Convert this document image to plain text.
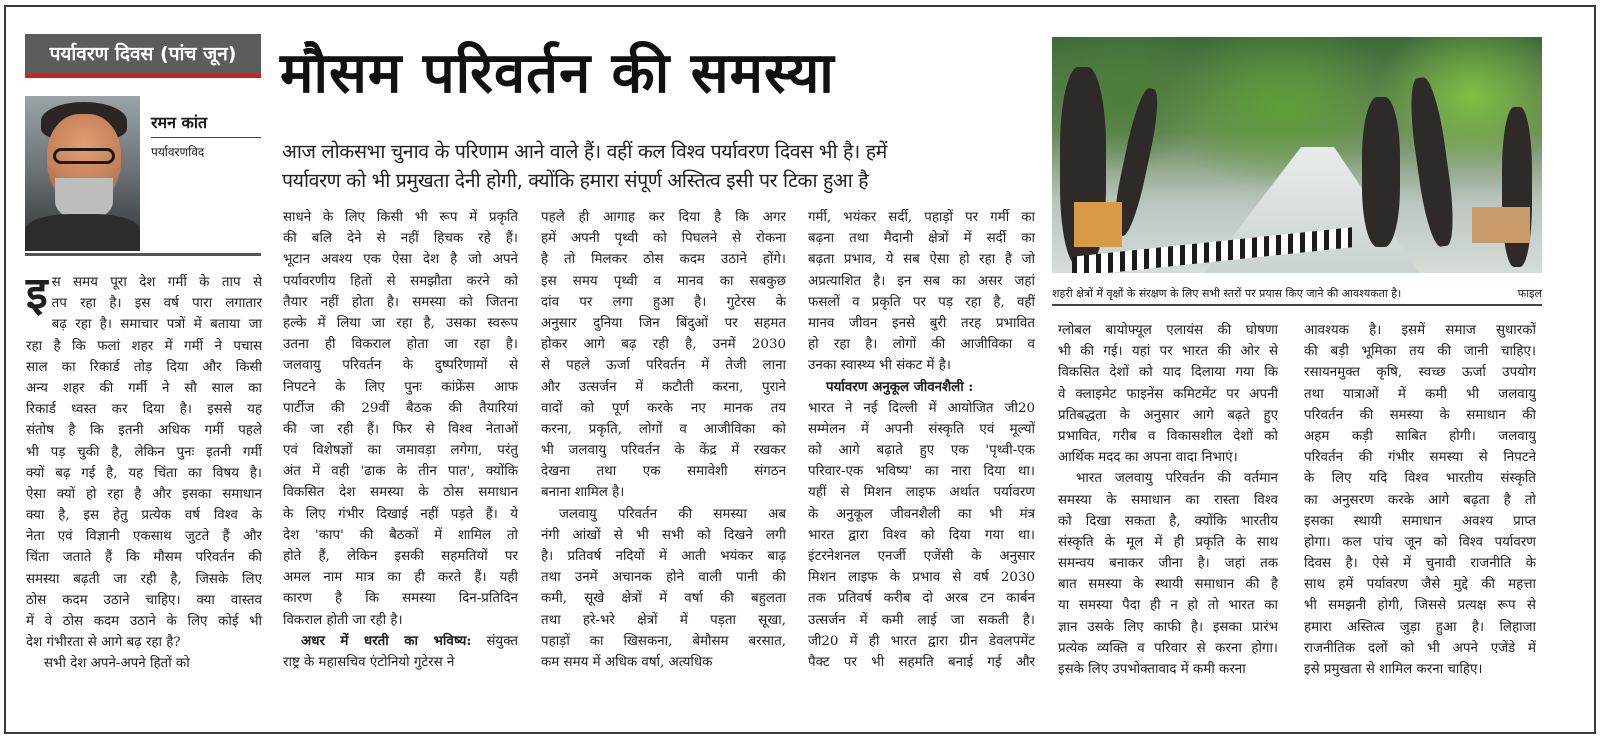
पर्यावरण दिवस (पांच जून)
रमन कांत
पर्यावरणविद
मौसम परिवर्तन की समस्या
आज लोकसभा चुनाव के परिणाम आने वाले हैं। वहीं कल विश्व पर्यावरण दिवस भी है। हमें
पर्यावरण को भी प्रमुखता देनी होगी, क्योंकि हमारा संपूर्ण अस्तित्व इसी पर टिका हुआ है
शहरी क्षेत्रों में वृक्षों के संरक्षण के लिए सभी स्तरों पर प्रयास किए जाने की आवश्यकता है।	फाइल
इ स समय पूरा देश गर्मी के ताप से
तप रहा है। इस वर्ष पारा लगातार
बढ़ रहा है। समाचार पत्रों में बताया जा
रहा है कि फलां शहर में गर्मी ने पचास
साल का रिकार्ड तोड़ दिया और किसी
अन्य शहर की गर्मी ने सौ साल का
रिकार्ड ध्वस्त कर दिया है। इससे यह
संतोष है कि इतनी अधिक गर्मी पहले
भी पड़ चुकी है, लेकिन पुनः इतनी गर्मी
क्यों बढ़ गई है, यह चिंता का विषय है।
ऐसा क्यों हो रहा है और इसका समाधान
क्या है, इस हेतु प्रत्येक वर्ष विश्व के
नेता एवं विज्ञानी एकसाथ जुटते हैं और
चिंता जताते हैं कि मौसम परिवर्तन की
समस्या बढ़ती जा रही है, जिसके लिए
ठोस कदम उठाने चाहिए। क्या वास्तव
में वे ठोस कदम उठाने के लिए कोई भी
देश गंभीरता से आगे बढ़ रहा है?
सभी देश अपने-अपने हितों को
साधने के लिए किसी भी रूप में प्रकृति
की बलि देने से नहीं हिचक रहे हैं।
भूटान अवश्य एक ऐसा देश है जो अपने
पर्यावरणीय हितों से समझौता करने को
तैयार नहीं होता है। समस्या को जितना
हल्के में लिया जा रहा है, उसका स्वरूप
उतना ही विकराल होता जा रहा है।
जलवायु परिवर्तन के दुष्परिणामों से
निपटने के लिए पुनः कांफ्रेंस आफ
पार्टीज की 29वीं बैठक की तैयारियां
की जा रही हैं। फिर से विश्व नेताओं
एवं विशेषज्ञों का जमावड़ा लगेगा, परंतु
अंत में वही 'ढाक के तीन पात', क्योंकि
विकसित देश समस्या के ठोस समाधान
के लिए गंभीर दिखाई नहीं पड़ते हैं। ये
देश 'काप' की बैठकों में शामिल तो
होते हैं, लेकिन इसकी सहमतियों पर
अमल नाम मात्र का ही करते हैं। यही
कारण है कि समस्या दिन-प्रतिदिन
विकराल होती जा रही है।
अधर में धरती का भविष्य: संयुक्त
राष्ट्र के महासचिव एंटोनियो गुटेरस ने
पहले ही आगाह कर दिया है कि अगर
हमें अपनी पृथ्वी को पिघलने से रोकना
है तो मिलकर ठोस कदम उठाने होंगे।
इस समय पृथ्वी व मानव का सबकुछ
दांव पर लगा हुआ है। गुटेरस के
अनुसार दुनिया जिन बिंदुओं पर सहमत
होकर आगे बढ़ रही है, उनमें 2030
से पहले ऊर्जा परिवर्तन में तेजी लाना
और उत्सर्जन में कटौती करना, पुराने
वादों को पूर्ण करके नए मानक तय
करना, प्रकृति, लोगों व आजीविका को
भी जलवायु परिवर्तन के केंद्र में रखकर
देखना तथा एक समावेशी संगठन
बनाना शामिल है।
जलवायु परिवर्तन की समस्या अब
नंगी आंखों से भी सभी को दिखने लगी
है। प्रतिवर्ष नदियों में आती भयंकर बाढ़
तथा उनमें अचानक होने वाली पानी की
कमी, सूखे क्षेत्रों में वर्षा की बहुलता
तथा हरे-भरे क्षेत्रों में पड़ता सूखा,
पहाड़ों का खिसकना, बेमौसम बरसात,
कम समय में अधिक वर्षा, अत्यधिक
गर्मी, भयंकर सर्दी, पहाड़ों पर गर्मी का
बढ़ना तथा मैदानी क्षेत्रों में सर्दी का
बढ़ता प्रभाव, ये सब ऐसा हो रहा है जो
अप्रत्याशित है। इन सब का असर जहां
फसलों व प्रकृति पर पड़ रहा है, वहीं
मानव जीवन इनसे बुरी तरह प्रभावित
हो रहा है। लोगों की आजीविका व
उनका स्वास्थ्य भी संकट में है।
पर्यावरण अनुकूल जीवनशैली :
भारत ने नई दिल्ली में आयोजित जी20
सम्मेलन में अपनी संस्कृति एवं मूल्यों
को आगे बढ़ाते हुए एक 'पृथ्वी-एक
परिवार-एक भविष्य' का नारा दिया था।
यहीं से मिशन लाइफ अर्थात पर्यावरण
के अनुकूल जीवनशैली का भी मंत्र
भारत द्वारा विश्व को दिया गया था।
इंटरनेशनल एनर्जी एजेंसी के अनुसार
मिशन लाइफ के प्रभाव से वर्ष 2030
तक प्रतिवर्ष करीब दो अरब टन कार्बन
उत्सर्जन में कमी लाई जा सकती है।
जी20 में ही भारत द्वारा ग्रीन डेवलपमेंट
पैक्ट पर भी सहमति बनाई गई और
ग्लोबल बायोफ्यूल एलायंस की घोषणा
भी की गई। यहां पर भारत की ओर से
विकसित देशों को याद दिलाया गया कि
वे क्लाइमेट फाइनेंस कमिटमेंट पर अपनी
प्रतिबद्धता के अनुसार आगे बढ़ते हुए
प्रभावित, गरीब व विकासशील देशों को
आर्थिक मदद का अपना वादा निभाएं।
भारत जलवायु परिवर्तन की वर्तमान
समस्या के समाधान का रास्ता विश्व
को दिखा सकता है, क्योंकि भारतीय
संस्कृति के मूल में ही प्रकृति के साथ
समन्वय बनाकर जीना है। जहां तक
बात समस्या के स्थायी समाधान की है
या समस्या पैदा ही न हो तो भारत का
ज्ञान उसके लिए काफी है। इसका प्रारंभ
प्रत्येक व्यक्ति व परिवार से करना होगा।
इसके लिए उपभोक्तावाद में कमी करना
आवश्यक है। इसमें समाज सुधारकों
की बड़ी भूमिका तय की जानी चाहिए।
रसायनमुक्त कृषि, स्वच्छ ऊर्जा उपयोग
तथा यात्राओं में कमी भी जलवायु
परिवर्तन की समस्या के समाधान की
अहम कड़ी साबित होगी। जलवायु
परिवर्तन की गंभीर समस्या से निपटने
के लिए यदि विश्व भारतीय संस्कृति
का अनुसरण करके आगे बढ़ता है तो
इसका स्थायी समाधान अवश्य प्राप्त
होगा। कल पांच जून को विश्व पर्यावरण
दिवस है। ऐसे में चुनावी राजनीति के
साथ हमें पर्यावरण जैसे मुद्दे की महत्ता
भी समझनी होगी, जिससे प्रत्यक्ष रूप से
हमारा अस्तित्व जुड़ा हुआ है। लिहाजा
राजनीतिक दलों को भी अपने एजेंडे में
इसे प्रमुखता से शामिल करना चाहिए।
